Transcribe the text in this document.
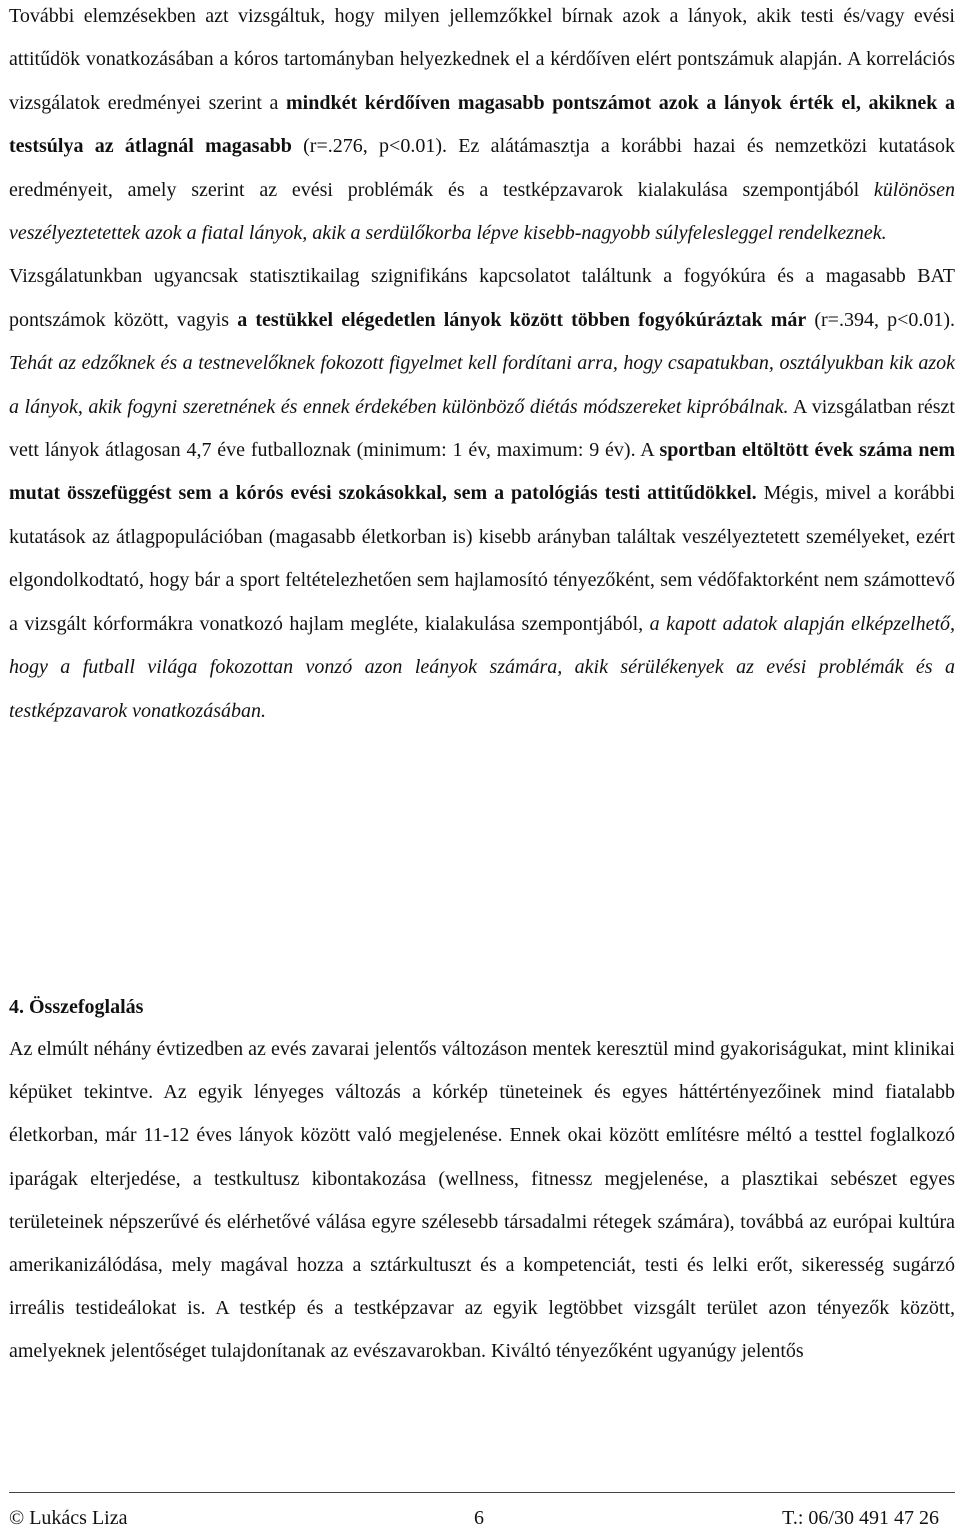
További elemzésekben azt vizsgáltuk, hogy milyen jellemzőkkel bírnak azok a lányok, akik testi és/vagy evési attitűdök vonatkozásában a kóros tartományban helyezkednek el a kérdőíven elért pontszámuk alapján. A korrelációs vizsgálatok eredményei szerint a mindkét kérdőíven magasabb pontszámot azok a lányok érték el, akiknek a testsúlya az átlagnál magasabb (r=.276, p<0.01). Ez alátámasztja a korábbi hazai és nemzetközi kutatások eredményeit, amely szerint az evési problémák és a testképzavarok kialakulása szempontjából különösen veszélyeztetettek azok a fiatal lányok, akik a serdülőkorba lépve kisebb-nagyobb súlyfelesleggel rendelkeznek.

Vizsgálatunkban ugyancsak statisztikailag szignifikáns kapcsolatot találtunk a fogyókúra és a magasabb BAT pontszámok között, vagyis a testükkel elégedetlen lányok között többen fogyókúráztak már (r=.394, p<0.01). Tehát az edzőknek és a testnevelőknek fokozott figyelmet kell fordítani arra, hogy csapatukban, osztályukban kik azok a lányok, akik fogyni szeretnének és ennek érdekében különböző diétás módszereket kipróbálnak. A vizsgálatban részt vett lányok átlagosan 4,7 éve futballoznak (minimum: 1 év, maximum: 9 év). A sportban eltöltött évek száma nem mutat összefüggést sem a kórós evési szokásokkal, sem a patológiás testi attitűdökkel. Mégis, mivel a korábbi kutatások az átlagpopulációban (magasabb életkorban is) kisebb arányban találtak veszélyeztetett személyeket, ezért elgondolkodtató, hogy bár a sport feltételezhetően sem hajlamosító tényezőként, sem védőfaktorként nem számottevő a vizsgált kórformákra vonatkozó hajlam megléte, kialakulása szempontjából, a kapott adatok alapján elképzelhető, hogy a futball világa fokozottan vonzó azon leányok számára, akik sérülékenyek az evési problémák és a testképzavarok vonatkozásában.

4. Összefoglalás

Az elmúlt néhány évtizedben az evés zavarai jelentős változáson mentek keresztül mind gyakoriságukat, mint klinikai képüket tekintve. Az egyik lényeges változás a kórkép tüneteinek és egyes háttértényezőinek mind fiatalabb életkorban, már 11-12 éves lányok között való megjelenése. Ennek okai között említésre méltó a testtel foglalkozó iparágak elterjedése, a testkultusz kibontakozása (wellness, fitnessz megjelenése, a plasztikai sebészet egyes területeinek népszerűvé és elérhetővé válása egyre szélesebb társadalmi rétegek számára), továbbá az európai kultúra amerikanizálódása, mely magával hozza a sztárkultuszt és a kompetenciát, testi és lelki erőt, sikeresség sugárzó irreális testideálokat is. A testkép és a testképzavar az egyik legtöbbet vizsgált terület azon tényezők között, amelyeknek jelentőséget tulajdonítanak az evészavarokban. Kiváltó tényezőként ugyanúgy jelentős

© Lukács Liza	6	T.: 06/30 491 47 26
